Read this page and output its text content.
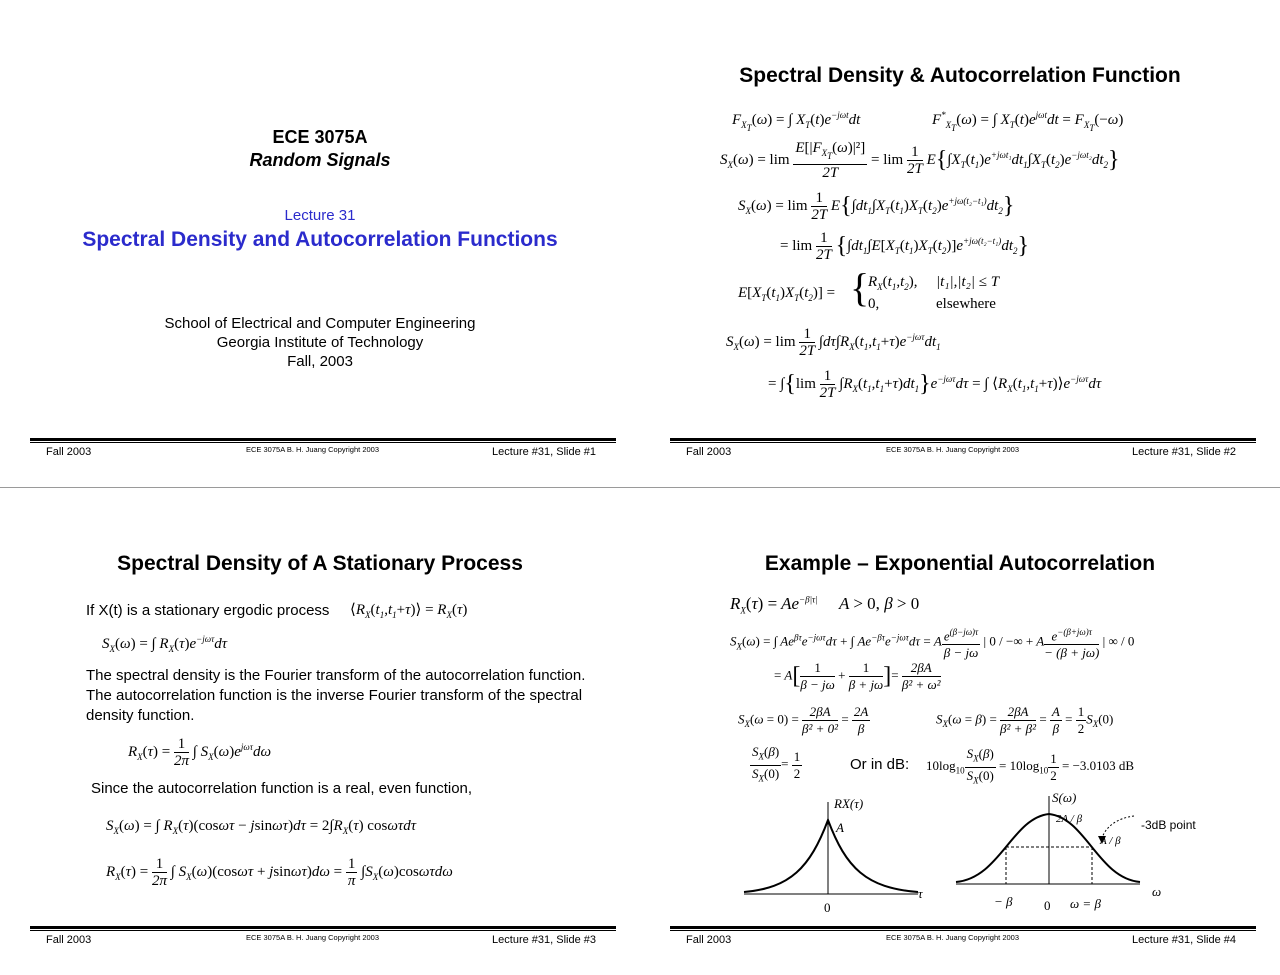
ECE 3075A
Random Signals
Lecture 31
Spectral Density and Autocorrelation Functions
School of Electrical and Computer Engineering
Georgia Institute of Technology
Fall, 2003
Fall 2003	ECE 3075A B. H. Juang Copyright 2003	Lecture #31, Slide #1
Spectral Density & Autocorrelation Function
$F_{X_T}(\omega)$ = ∫ $X_T(t)e^{-j\omega t}dt$	$F^*_{X_T}(\omega)$ = ∫ $X_T(t)e^{j\omega t}dt = F_{X_T}(-\omega)$
$S_X(\omega) = \lim \frac{E[|F_{X_T}(\omega)|^2]}{2T} = \lim \frac{1}{2T} E\{\int X_T(t_1)e^{+j\omega t_1}dt_1\int X_T(t_2)e^{-j\omega t_2}dt_2\}$
$S_X(\omega) = \lim \frac{1}{2T} E\{\int dt_1\int X_T(t_1)X_T(t_2)e^{+j\omega(t_2-t_1)}dt_2\}$
= $\lim \frac{1}{2T} \{\int dt_1\int E[X_T(t_1)X_T(t_2)]e^{+j\omega(t_2-t_1)}dt_2\}$
$E[X_T(t_1)X_T(t_2)]$ = {
$R_X(t_1,t_2)$, |t₁|,|t₂| ≤ T
0,	elsewhere
$S_X(\omega) = \lim \frac{1}{2T} \int d\tau\int R_X(t_1,t_1+\tau)e^{-j\omega\tau}dt_1$
= $\int\{\lim \frac{1}{2T} \int R_X(t_1,t_1+\tau)dt_1\}e^{-j\omega\tau}d\tau$ = ∫ $⟨R_X(t_1,t_1+\tau)⟩e^{-j\omega\tau}d\tau$
Fall 2003	ECE 3075A B. H. Juang Copyright 2003	Lecture #31, Slide #2
Spectral Density of A Stationary Process
If X(t) is a stationary ergodic process $⟨R_X(t_1,t_1+\tau)⟩ = R_X(\tau)$
$S_X(\omega)$ = ∫ $R_X(\tau)e^{-j\omega\tau}d\tau$
The spectral density is the Fourier transform of the autocorrelation function. The autocorrelation function is the inverse Fourier transform of the spectral density function.
$R_X(\tau) = \frac{1}{2\pi}$ ∫ $S_X(\omega)e^{j\omega\tau}d\omega$
Since the autocorrelation function is a real, even function,
$S_X(\omega)$ = ∫ $R_X(\tau)(\cos\omega\tau - jsin\omega\tau)d\tau = 2\int R_X(\tau)$ cosωτdτ
$R_X(\tau) = \frac{1}{2\pi}$ ∫ $S_X(\omega)(\cos\omega\tau + jsin\omega\tau)d\omega = \frac{1}{\pi} \int S_X(\omega)\cos\omega\tau d\omega$
Fall 2003	ECE 3075A B. H. Juang Copyright 2003	Lecture #31, Slide #3
Example – Exponential Autocorrelation
$R_X(\tau) = Ae^{-\beta|\tau|}$     A > 0, β > 0
$S_X(\omega)$ = ∫ $Ae^{\beta\tau}e^{-j\omega\tau}d\tau$ + ∫ $Ae^{-\beta\tau}e^{-j\omega\tau}d\tau = A \frac{e^{(\beta-j\omega)\tau}}{\beta - j\omega}$ | 0 / −∞ + A $\frac{e^{-(\beta+j\omega)\tau}}{- (\beta + j\omega)}$ | ∞ / 0
= $A[ \frac{1}{\beta - j\omega} + \frac{1}{\beta + j\omega}$ ]= $\frac{2\beta A}{\text{β² + ω²}}$
$S_X(\omega = 0) = \frac{2\beta A}{\text{β² + 0²}} = \frac{2A}{\beta}$	$S_X(\omega = \beta) = \frac{2\beta A}{\text{β² + β²}} = \frac{A}{\beta} = \frac{1}{2} S_X(0)$
$\frac{S_X(\beta)}{S_X(0)} = \frac{1}{2}$	Or in dB: $10\log_{10} \frac{S_X(\beta)}{S_X(0)} = 10\log_{10} \frac{1}{2} = -3.0103$ dB
RX(τ)
A
τ
0
S(ω)
2A / β
A / β
-3dB point
ω
− β 0 ω = β
Fall 2003	ECE 3075A B. H. Juang Copyright 2003	Lecture #31, Slide #4
